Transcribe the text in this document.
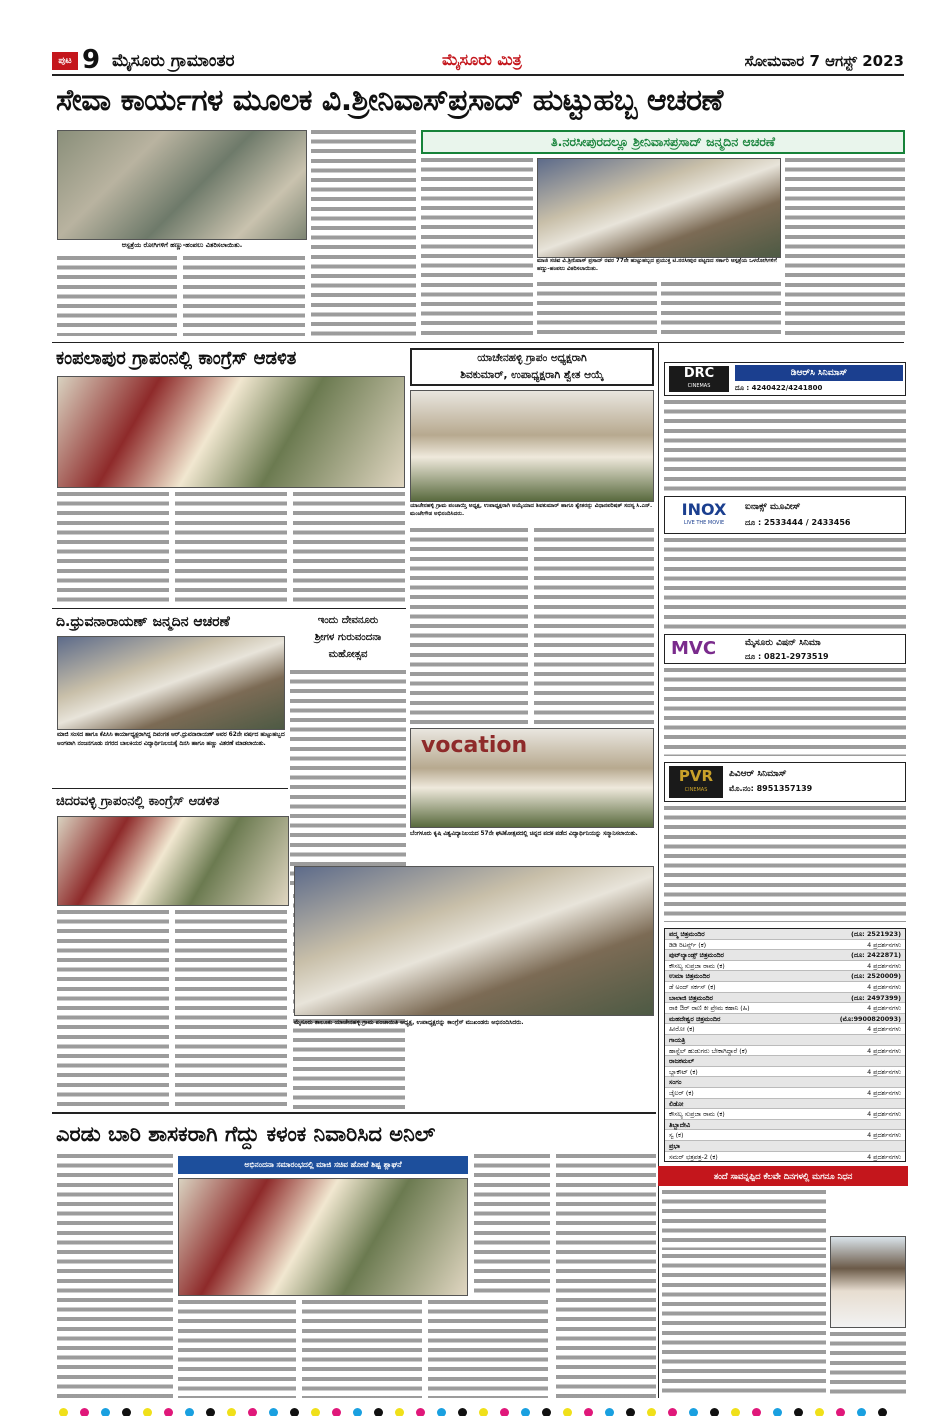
ಪುಟ 9 ಮೈಸೂರು ಗ್ರಾಮಾಂತರ	ಮೈಸೂರು ಮಿತ್ರ	ಸೋಮವಾರ 7 ಆಗಸ್ಟ್ 2023
ಸೇವಾ ಕಾರ್ಯಗಳ ಮೂಲಕ ವಿ.ಶ್ರೀನಿವಾಸ್‌ಪ್ರಸಾದ್ ಹುಟ್ಟುಹಬ್ಬ ಆಚರಣೆ
ಆಸ್ಪತ್ರೆಯ ರೋಗಿಗಳಿಗೆ ಹಣ್ಣು-ಹಂಪಲು ವಿತರಿಸಲಾಯಿತು.
ತಿ.ನರಸೀಪುರದಲ್ಲೂ ಶ್ರೀನಿವಾಸಪ್ರಸಾದ್ ಜನ್ಮದಿನ ಆಚರಣೆ
ಮಾಜಿ ಸಚಿವ ವಿ.ಶ್ರೀನಿವಾಸ್ ಪ್ರಸಾದ್ ರವರ 77ನೇ ಹುಟ್ಟುಹಬ್ಬದ ಪ್ರಯುಕ್ತ ಟಿ.ನರಸೀಪುರ ಪಟ್ಟಣದ ಸರ್ಕಾರಿ ಆಸ್ಪತ್ರೆಯ ಒಳರೋಗಿಗಳಿಗೆ ಹಣ್ಣು-ಹಂಪಲು ವಿತರಿಸಲಾಯಿತು.
ಕಂಪಲಾಪುರ ಗ್ರಾಪಂನಲ್ಲಿ ಕಾಂಗ್ರೆಸ್ ಆಡಳಿತ	ಯಾಚೇನಹಳ್ಳಿ ಗ್ರಾಪಂ ಅಧ್ಯಕ್ಷರಾಗಿ
ಶಿವಕುಮಾರ್, ಉಪಾಧ್ಯಕ್ಷರಾಗಿ ಶ್ವೇತ ಆಯ್ಕೆ
ಯಾಚೇನಹಳ್ಳಿ ಗ್ರಾಮ ಪಂಚಾಯ್ತಿ ಅಧ್ಯಕ್ಷ, ಉಪಾಧ್ಯಕ್ಷರಾಗಿ ಆಯ್ಕೆಯಾದ ಶಿವಕುಮಾರ್ ಹಾಗೂ ಶ್ವೇತರನ್ನು ವಿಧಾನಪರಿಷತ್ ಸದಸ್ಯ ಸಿ.ಎನ್. ಮಂಜೇಗೌಡ ಅಭಿನಂದಿಸಿದರು.
ದಿ.ಧ್ರುವನಾರಾಯಣ್ ಜನ್ಮದಿನ ಆಚರಣೆ
ಮಾಜಿ ಸಂಸದ ಹಾಗೂ ಕೆಪಿಸಿಸಿ ಕಾರ್ಯಾಧ್ಯಕ್ಷರಾಗಿದ್ದ ದಿವಂಗತ ಆರ್.ಧ್ರುವನಾರಾಯಣ್ ಅವರ 62ನೇ ವರ್ಷದ ಹುಟ್ಟುಹಬ್ಬದ ಅಂಗವಾಗಿ ನಂಜನಗೂಡು ನಗರದ ಬಾಲಕಿಯರ ವಿದ್ಯಾರ್ಥಿನಿಲಯಕ್ಕೆ ದಿನಸಿ ಹಾಗೂ ಹಣ್ಣು ವಿತರಣೆ ಮಾಡಲಾಯಿತು.
ಇಂದು ದೇವನೂರು
ಶ್ರೀಗಳ ಗುರುವಂದನಾ
ಮಹೋತ್ಸವ
ಚಿದರವಳ್ಳಿ ಗ್ರಾಪಂನಲ್ಲಿ ಕಾಂಗ್ರೆಸ್ ಆಡಳಿತ
vocation
ಬೆಂಗಳೂರು ಕೃಷಿ ವಿಶ್ವವಿದ್ಯಾನಿಲಯದ 57ನೇ ಘಟಿಕೋತ್ಸವದಲ್ಲಿ ಚಿನ್ನದ ಪದಕ ಪಡೆದ ವಿದ್ಯಾರ್ಥಿನಿಯನ್ನು ಸನ್ಮಾನಿಸಲಾಯಿತು.
ಮೈಸೂರು ತಾಲೂಕು ಯಾಚೇನಹಳ್ಳಿ ಗ್ರಾಮ ಪಂಚಾಯಿತಿ ಅಧ್ಯಕ್ಷ, ಉಪಾಧ್ಯಕ್ಷರನ್ನು ಕಾಂಗ್ರೆಸ್ ಮುಖಂಡರು ಅಭಿನಂದಿಸಿದರು.
ಎರಡು ಬಾರಿ ಶಾಸಕರಾಗಿ ಗೆದ್ದು ಕಳಂಕ ನಿವಾರಿಸಿದ ಅನಿಲ್
ಅಭಿನಂದನಾ ಸಮಾರಂಭದಲ್ಲಿ ಮಾಜಿ ಸಚಿವ ಹೋಟೆ ಶಿಷ್ಟ ಶ್ಲಾಘನೆ
DRC
CINEMAS
ಡಿಆರ್‌ಸಿ ಸಿನಿಮಾಸ್
ದೂ : 4240422/4241800
INOX
LIVE THE MOVIE
ಐನಾಕ್ಸ್ ಮೂವೀಸ್
ದೂ : 2533444 / 2433456
MVC	ಮೈಸೂರು ವಿಷನ್ ಸಿನಿಮಾ
ದೂ : 0821-2973519
PVR
CINEMAS
ಪಿವಿಆರ್ ಸಿನಿಮಾಸ್
ಮೊ.ನಂ: 8951357139
ಪದ್ಮ ಚಿತ್ರಮಂದಿರ	(ದೂ: 2521923)
ಡಿಡಿ ರಿಟರ್ನ್ಸ್ (ಕ)	4 ಪ್ರದರ್ಶನಗಳು
ಪುಟ್‌ಲ್ಯಾಂಡ್ಸ್ ಚಿತ್ರಮಂದಿರ	(ದೂ: 2422871)
ಕೌಸಲ್ಯ ಸುಪ್ರಜಾ ರಾಮ (ಕ)	4 ಪ್ರದರ್ಶನಗಳು
ಉಮಾ ಚಿತ್ರಮಂದಿರ	(ದೂ: 2520009)
ಡೆ ಅಂದ್ ಸರ್ಕಸ್ (ಕ)	4 ಪ್ರದರ್ಶನಗಳು
ಬಾಲಾಜಿ ಚಿತ್ರಮಂದಿರ	(ದೂ: 2497399)
ರಾಕಿ ಔರ್ ರಾಣಿ ಕೀ ಪ್ರೇಮ ಕಹಾನಿ (ಹಿ)	4 ಪ್ರದರ್ಶನಗಳು
ಮಹದೇಶ್ವರ ಚಿತ್ರಮಂದಿರ	(ಮೊ:9900820093)
ಹೀರೋ (ಕ)	4 ಪ್ರದರ್ಶನಗಳು
ಗಾಯತ್ರಿ
ಹಾಸ್ಟೆಲ್ ಹುಡುಗರು ಬೇಕಾಗಿದ್ದಾರೆ (ಕ)	4 ಪ್ರದರ್ಶನಗಳು
ರಾಜಕಮಲ್
ಬ್ಲಾಕೌಟ್ (ಕ)	4 ಪ್ರದರ್ಶನಗಳು
ಸಂಗಂ
ಜೈಲರ್ (ಕ)	4 ಪ್ರದರ್ಶನಗಳು
ಲಿಡೋ
ಕೌಸಲ್ಯ ಸುಪ್ರಜಾ ರಾಮ (ಕ)	4 ಪ್ರದರ್ಶನಗಳು
ತಿಬ್ಬಾದೇವಿ
ಸ್ವ (ಕ)	4 ಪ್ರದರ್ಶನಗಳು
ಪ್ರಭಾ
ಸಮರ್ ಛತ್ರಪತ್ರ-2 (ಕ)	4 ಪ್ರದರ್ಶನಗಳು
ತಂದೆ ಸಾವನ್ನಪ್ಪಿದ ಕೆಲವೇ ದಿನಗಳಲ್ಲಿ ಮಗನೂ ನಿಧನ
